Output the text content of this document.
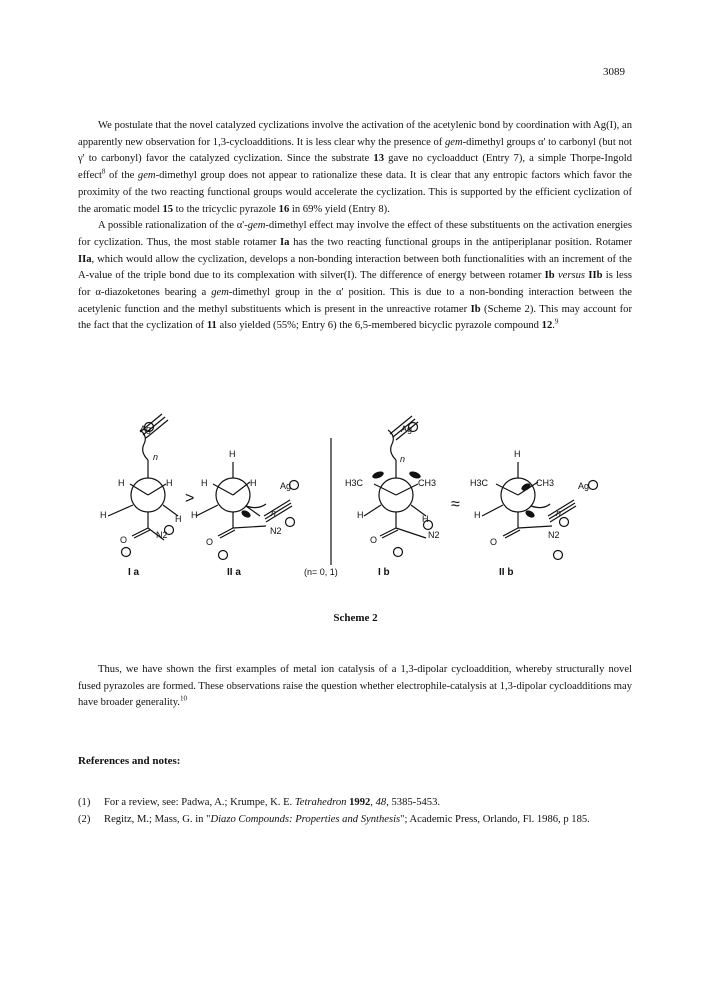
3089

We postulate that the novel catalyzed cyclizations involve the activation of the acetylenic bond by coordination with Ag(I), an apparently new observation for 1,3-cycloadditions. It is less clear why the presence of gem-dimethyl groups α' to carbonyl (but not γ' to carbonyl) favor the catalyzed cyclization. Since the substrate 13 gave no cycloadduct (Entry 7), a simple Thorpe-Ingold effect$^8$ of the gem-dimethyl group does not appear to rationalize these data. It is clear that any entropic factors which favor the proximity of the two reacting functional groups would accelerate the cyclization. This is supported by the efficient cyclization of the aromatic model 15 to the tricyclic pyrazole 16 in 69% yield (Entry 8).

A possible rationalization of the α'-gem-dimethyl effect may involve the effect of these substituents on the activation energies for cyclization. Thus, the most stable rotamer Ia has the two reacting functional groups in the antiperiplanar position. Rotamer IIa, which would allow the cyclization, develops a non-bonding interaction between both functionalities with an increment of the A-value of the triple bond due to its complexation with silver(I). The difference of energy between rotamer Ib versus IIb is less for α-diazoketones bearing a gem-dimethyl group in the α' position. This is due to a non-bonding interaction between the acetylenic function and the methyl substituents which is present in the unreactive rotamer Ib (Scheme 2). This may account for the fact that the cyclization of 11 also yielded (55%; Entry 6) the 6,5-membered bicyclic pyrazole compound 12.$^9$

Ag
n
H	H
H	H
N2
O
I a
>
H
H	H
H
Ag
n
N2
O
II a	(n= 0, 1)
Ag
n
H3C	CH3
H	H
N2
O
I b
≈
H
H3C	CH3
H
Ag
n
N2
O
II b
Scheme 2

Thus, we have shown the first examples of metal ion catalysis of a 1,3-dipolar cycloaddition, whereby structurally novel fused pyrazoles are formed. These observations raise the question whether electrophile-catalysis at 1,3-dipolar cycloadditions may have broader generality.$^{10}$

References and notes:
(1)	For a review, see: Padwa, A.; Krumpe, K. E. Tetrahedron 1992, 48, 5385-5453.
(2)	Regitz, M.; Mass, G. in "Diazo Compounds: Properties and Synthesis"; Academic Press, Orlando, Fl. 1986, p 185.
